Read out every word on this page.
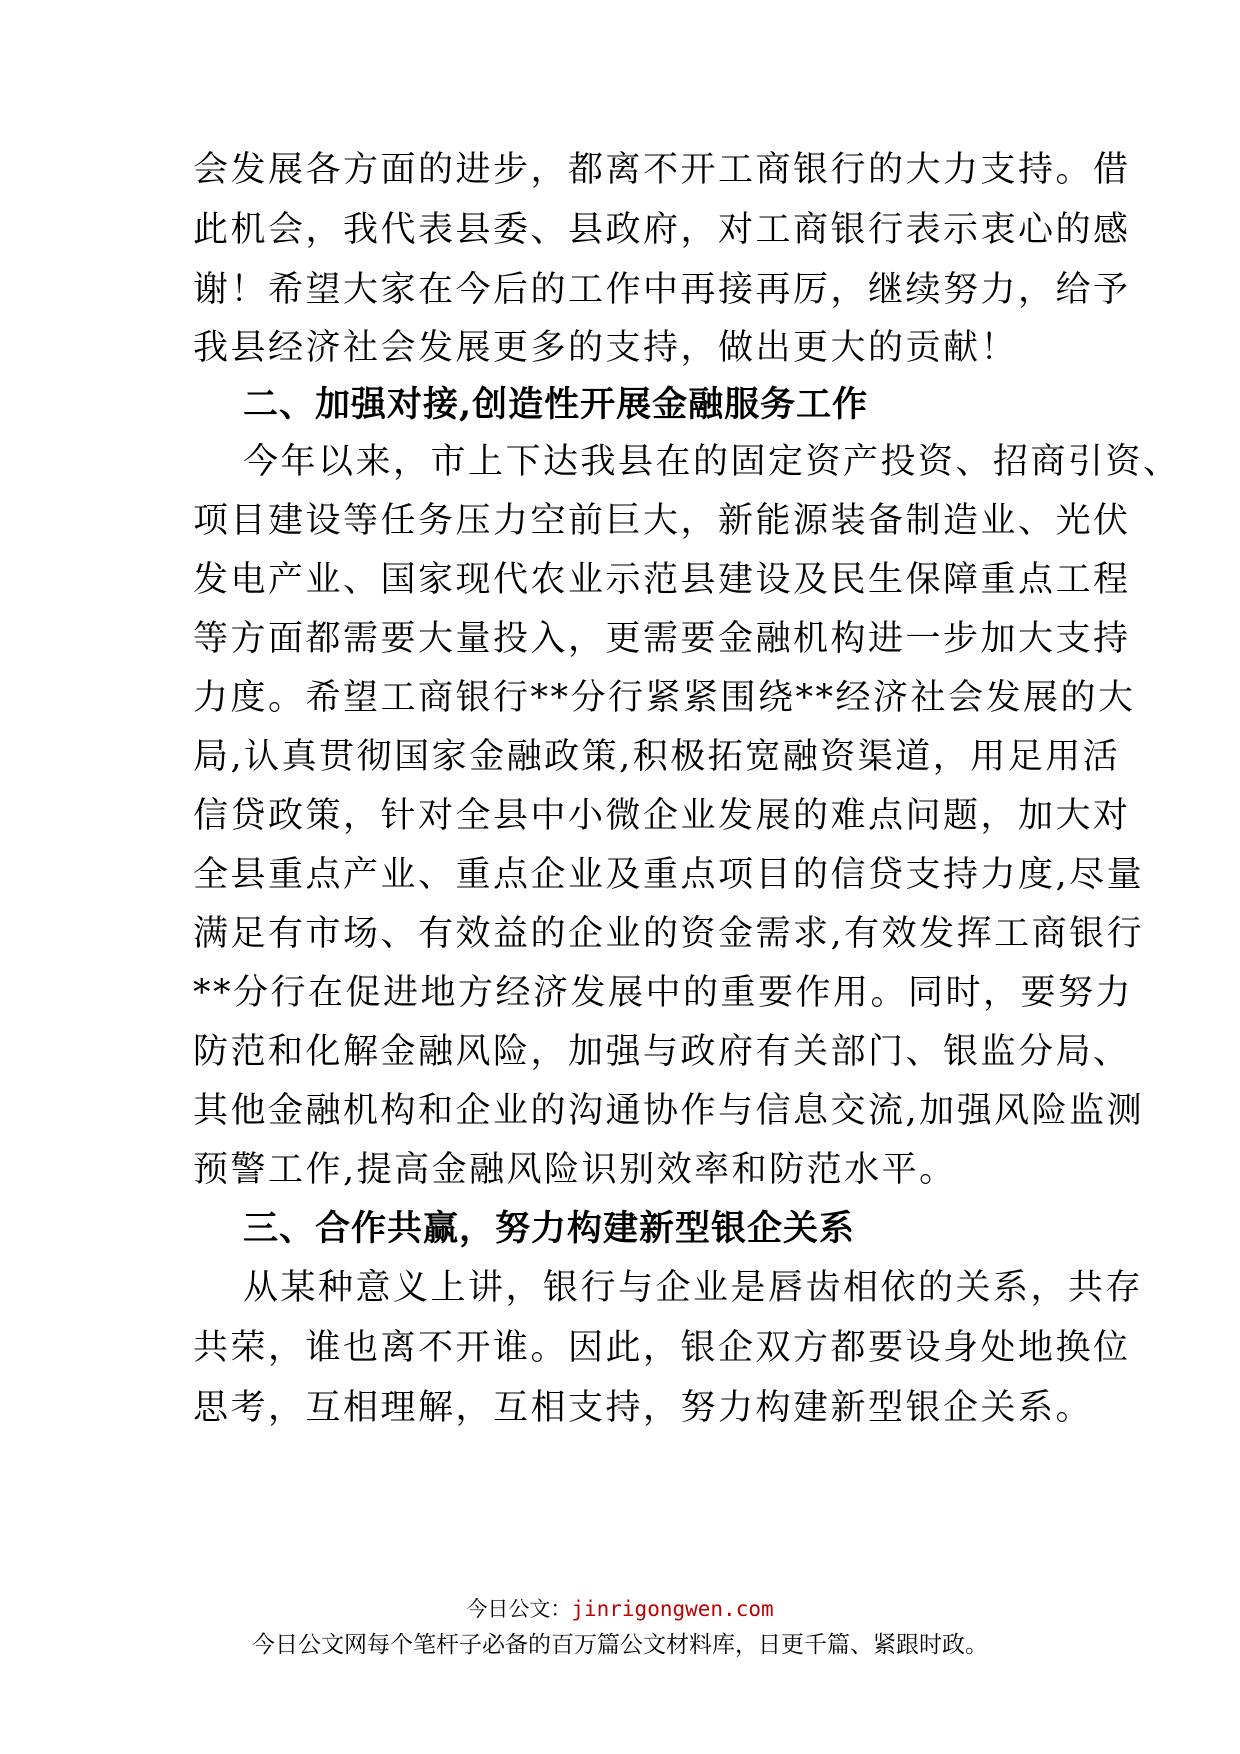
会发展各方面的进步，都离不开工商银行的大力支持。借
此机会，我代表县委、县政府，对工商银行表示衷心的感
谢！希望大家在今后的工作中再接再厉，继续努力，给予
我县经济社会发展更多的支持，做出更大的贡献！
二、加强对接,创造性开展金融服务工作
今年以来，市上下达我县在的固定资产投资、招商引资、
项目建设等任务压力空前巨大，新能源装备制造业、光伏
发电产业、国家现代农业示范县建设及民生保障重点工程
等方面都需要大量投入，更需要金融机构进一步加大支持
力度。希望工商银行**分行紧紧围绕**经济社会发展的大
局,认真贯彻国家金融政策,积极拓宽融资渠道，用足用活
信贷政策，针对全县中小微企业发展的难点问题，加大对
全县重点产业、重点企业及重点项目的信贷支持力度,尽量
满足有市场、有效益的企业的资金需求,有效发挥工商银行
**分行在促进地方经济发展中的重要作用。同时，要努力
防范和化解金融风险，加强与政府有关部门、银监分局、
其他金融机构和企业的沟通协作与信息交流,加强风险监测
预警工作,提高金融风险识别效率和防范水平。
三、合作共赢，努力构建新型银企关系
从某种意义上讲，银行与企业是唇齿相依的关系，共存
共荣，谁也离不开谁。因此，银企双方都要设身处地换位
思考，互相理解，互相支持，努力构建新型银企关系。
今日公文：jinrigongwen.com
今日公文网每个笔杆子必备的百万篇公文材料库，日更千篇、紧跟时政。
